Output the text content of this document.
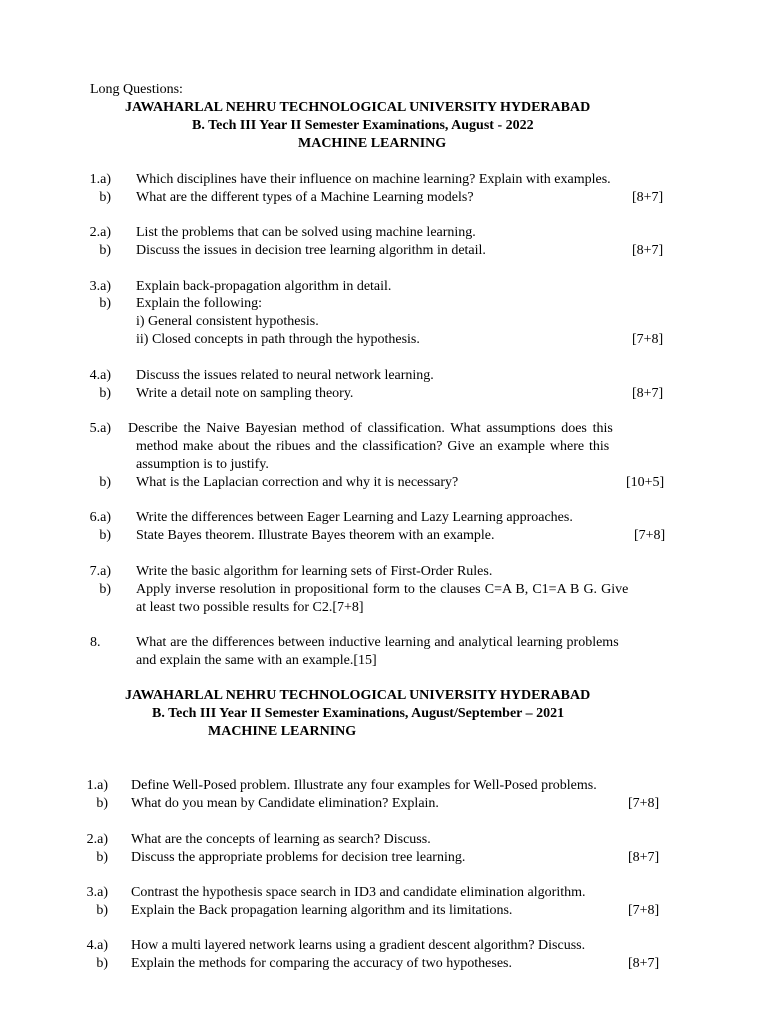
Long Questions:
JAWAHARLAL NEHRU TECHNOLOGICAL UNIVERSITY HYDERABAD
B. Tech III Year II Semester Examinations, August - 2022
MACHINE LEARNING
1.a) Which disciplines have their influence on machine learning? Explain with examples.
b) What are the different types of a Machine Learning models?	[8+7]
2.a) List the problems that can be solved using machine learning.
b) Discuss the issues in decision tree learning algorithm in detail.	[8+7]
3.a) Explain back-propagation algorithm in detail.
b) Explain the following:
i) General consistent hypothesis.
ii) Closed concepts in path through the hypothesis.	[7+8]
4.a) Discuss the issues related to neural network learning.
b) Write a detail note on sampling theory.	[8+7]
5.a) Describe the Naive Bayesian method of classification. What assumptions does this
method make about the ribues and the classification? Give an example where this
assumption is to justify.
b) What is the Laplacian correction and why it is necessary?	[10+5]
6.a) Write the differences between Eager Learning and Lazy Learning approaches.
b) State Bayes theorem. Illustrate Bayes theorem with an example.	[7+8]
7.a) Write the basic algorithm for learning sets of First-Order Rules.
b) Apply inverse resolution in propositional form to the clauses C=A B, C1=A B G. Give
at least two possible results for C2.[7+8]
8.	What are the differences between inductive learning and analytical learning problems
and explain the same with an example.[15]
JAWAHARLAL NEHRU TECHNOLOGICAL UNIVERSITY HYDERABAD
B. Tech III Year II Semester Examinations, August/September – 2021
MACHINE LEARNING
1.a) Define Well-Posed problem. Illustrate any four examples for Well-Posed problems.
b) What do you mean by Candidate elimination? Explain.	[7+8]
2.a) What are the concepts of learning as search? Discuss.
b) Discuss the appropriate problems for decision tree learning.	[8+7]
3.a) Contrast the hypothesis space search in ID3 and candidate elimination algorithm.
b) Explain the Back propagation learning algorithm and its limitations.	[7+8]
4.a) How a multi layered network learns using a gradient descent algorithm? Discuss.
b) Explain the methods for comparing the accuracy of two hypotheses.	[8+7]
